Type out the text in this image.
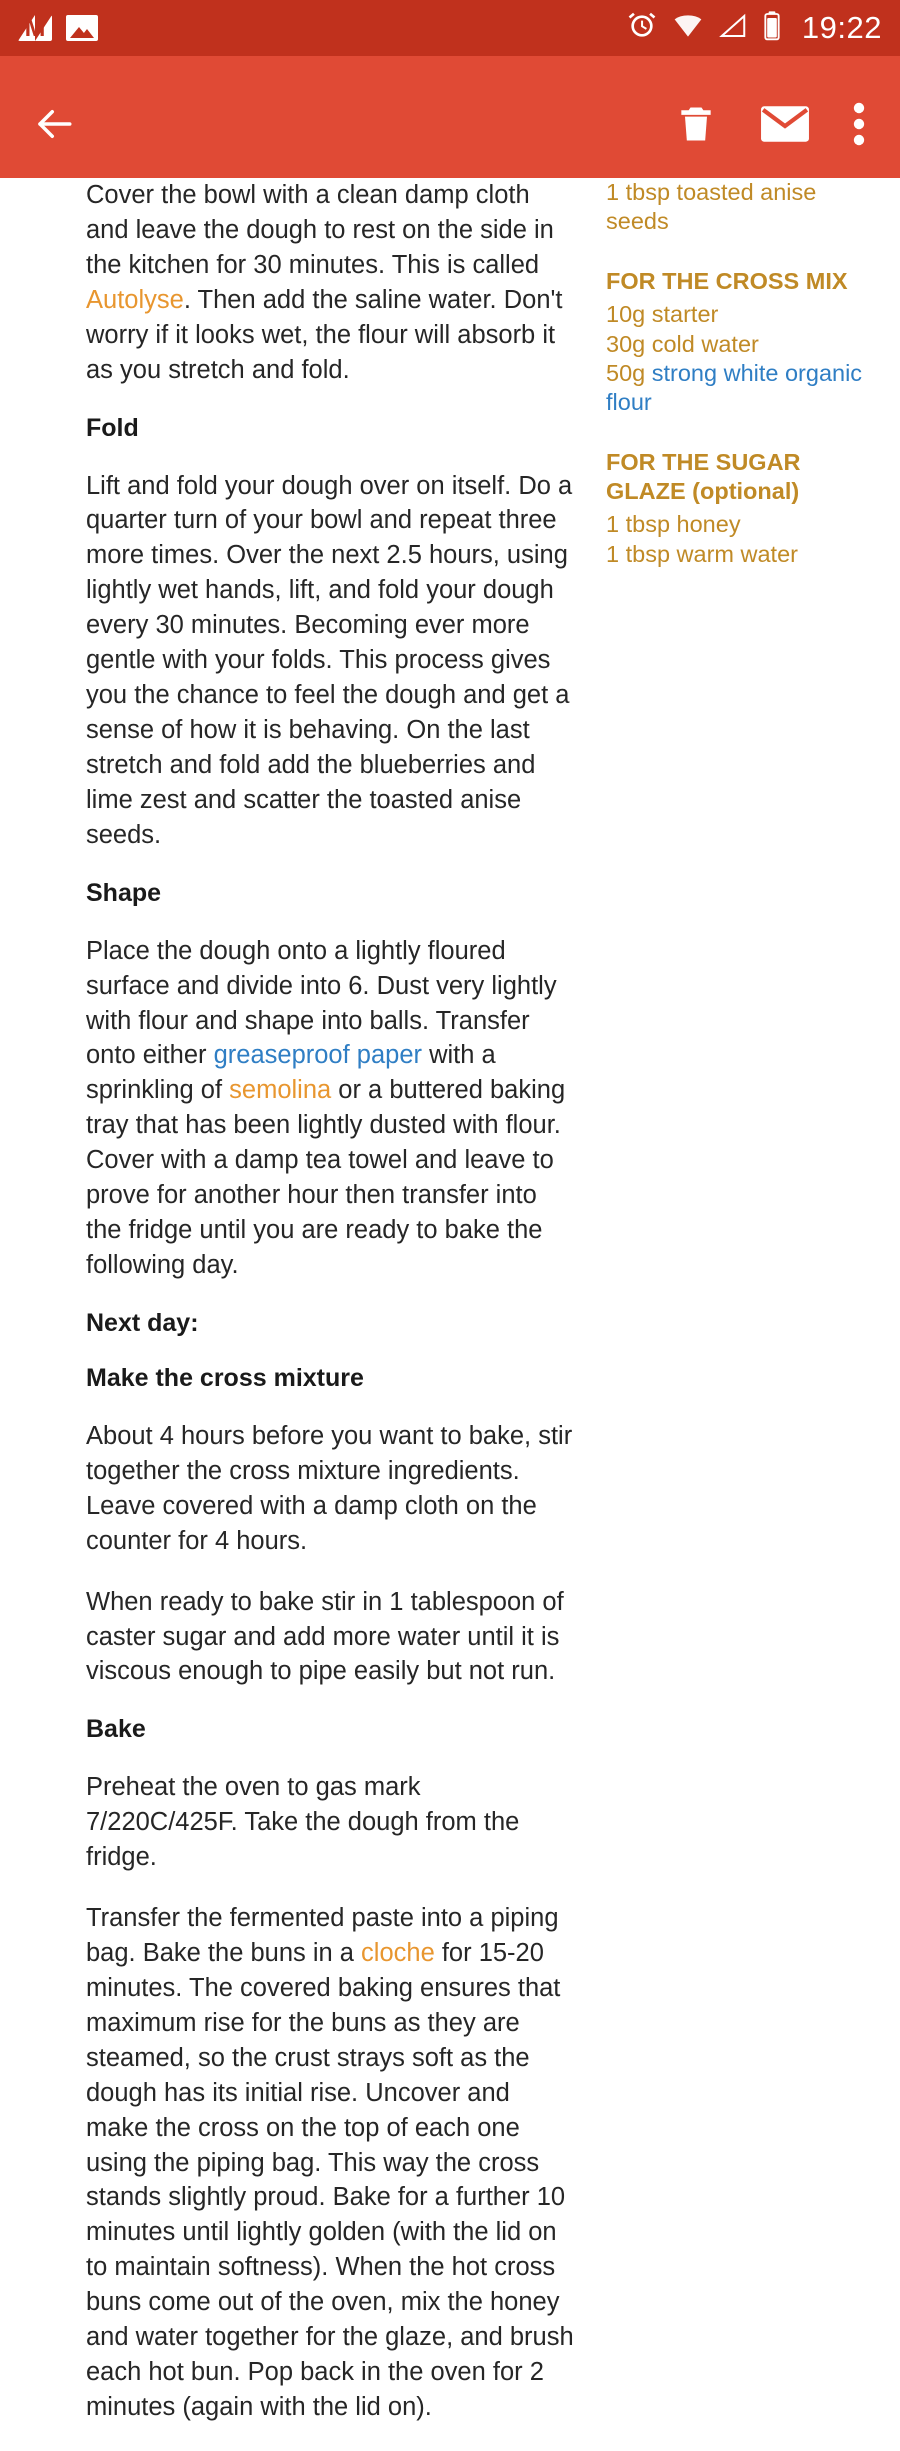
M	19:22

Cover the bowl with a clean damp cloth and leave the dough to rest on the side in the kitchen for 30 minutes. This is called Autolyse. Then add the saline water. Don't worry if it looks wet, the flour will absorb it as you stretch and fold.

Fold

Lift and fold your dough over on itself. Do a quarter turn of your bowl and repeat three more times. Over the next 2.5 hours, using lightly wet hands, lift, and fold your dough every 30 minutes. Becoming ever more gentle with your folds. This process gives you the chance to feel the dough and get a sense of how it is behaving. On the last stretch and fold add the blueberries and lime zest and scatter the toasted anise seeds.

Shape

Place the dough onto a lightly floured surface and divide into 6. Dust very lightly with flour and shape into balls. Transfer onto either greaseproof paper with a sprinkling of semolina or a buttered baking tray that has been lightly dusted with flour. Cover with a damp tea towel and leave to prove for another hour then transfer into the fridge until you are ready to bake the following day.

Next day:

Make the cross mixture

About 4 hours before you want to bake, stir together the cross mixture ingredients. Leave covered with a damp cloth on the counter for 4 hours.

When ready to bake stir in 1 tablespoon of caster sugar and add more water until it is viscous enough to pipe easily but not run.

Bake

Preheat the oven to gas mark 7/220C/425F. Take the dough from the fridge.

Transfer the fermented paste into a piping bag. Bake the buns in a cloche for 15-20 minutes. The covered baking ensures that maximum rise for the buns as they are steamed, so the crust strays soft as the dough has its initial rise. Uncover and make the cross on the top of each one using the piping bag. This way the cross stands slightly proud. Bake for a further 10 minutes until lightly golden (with the lid on to maintain softness). When the hot cross buns come out of the oven, mix the honey and water together for the glaze, and brush each hot bun. Pop back in the oven for 2 minutes (again with the lid on).

1 tbsp toasted anise

seeds

FOR THE CROSS MIX

10g starter

30g cold water

50g strong white organic flour

FOR THE SUGAR GLAZE (optional)

1 tbsp honey

1 tbsp warm water
